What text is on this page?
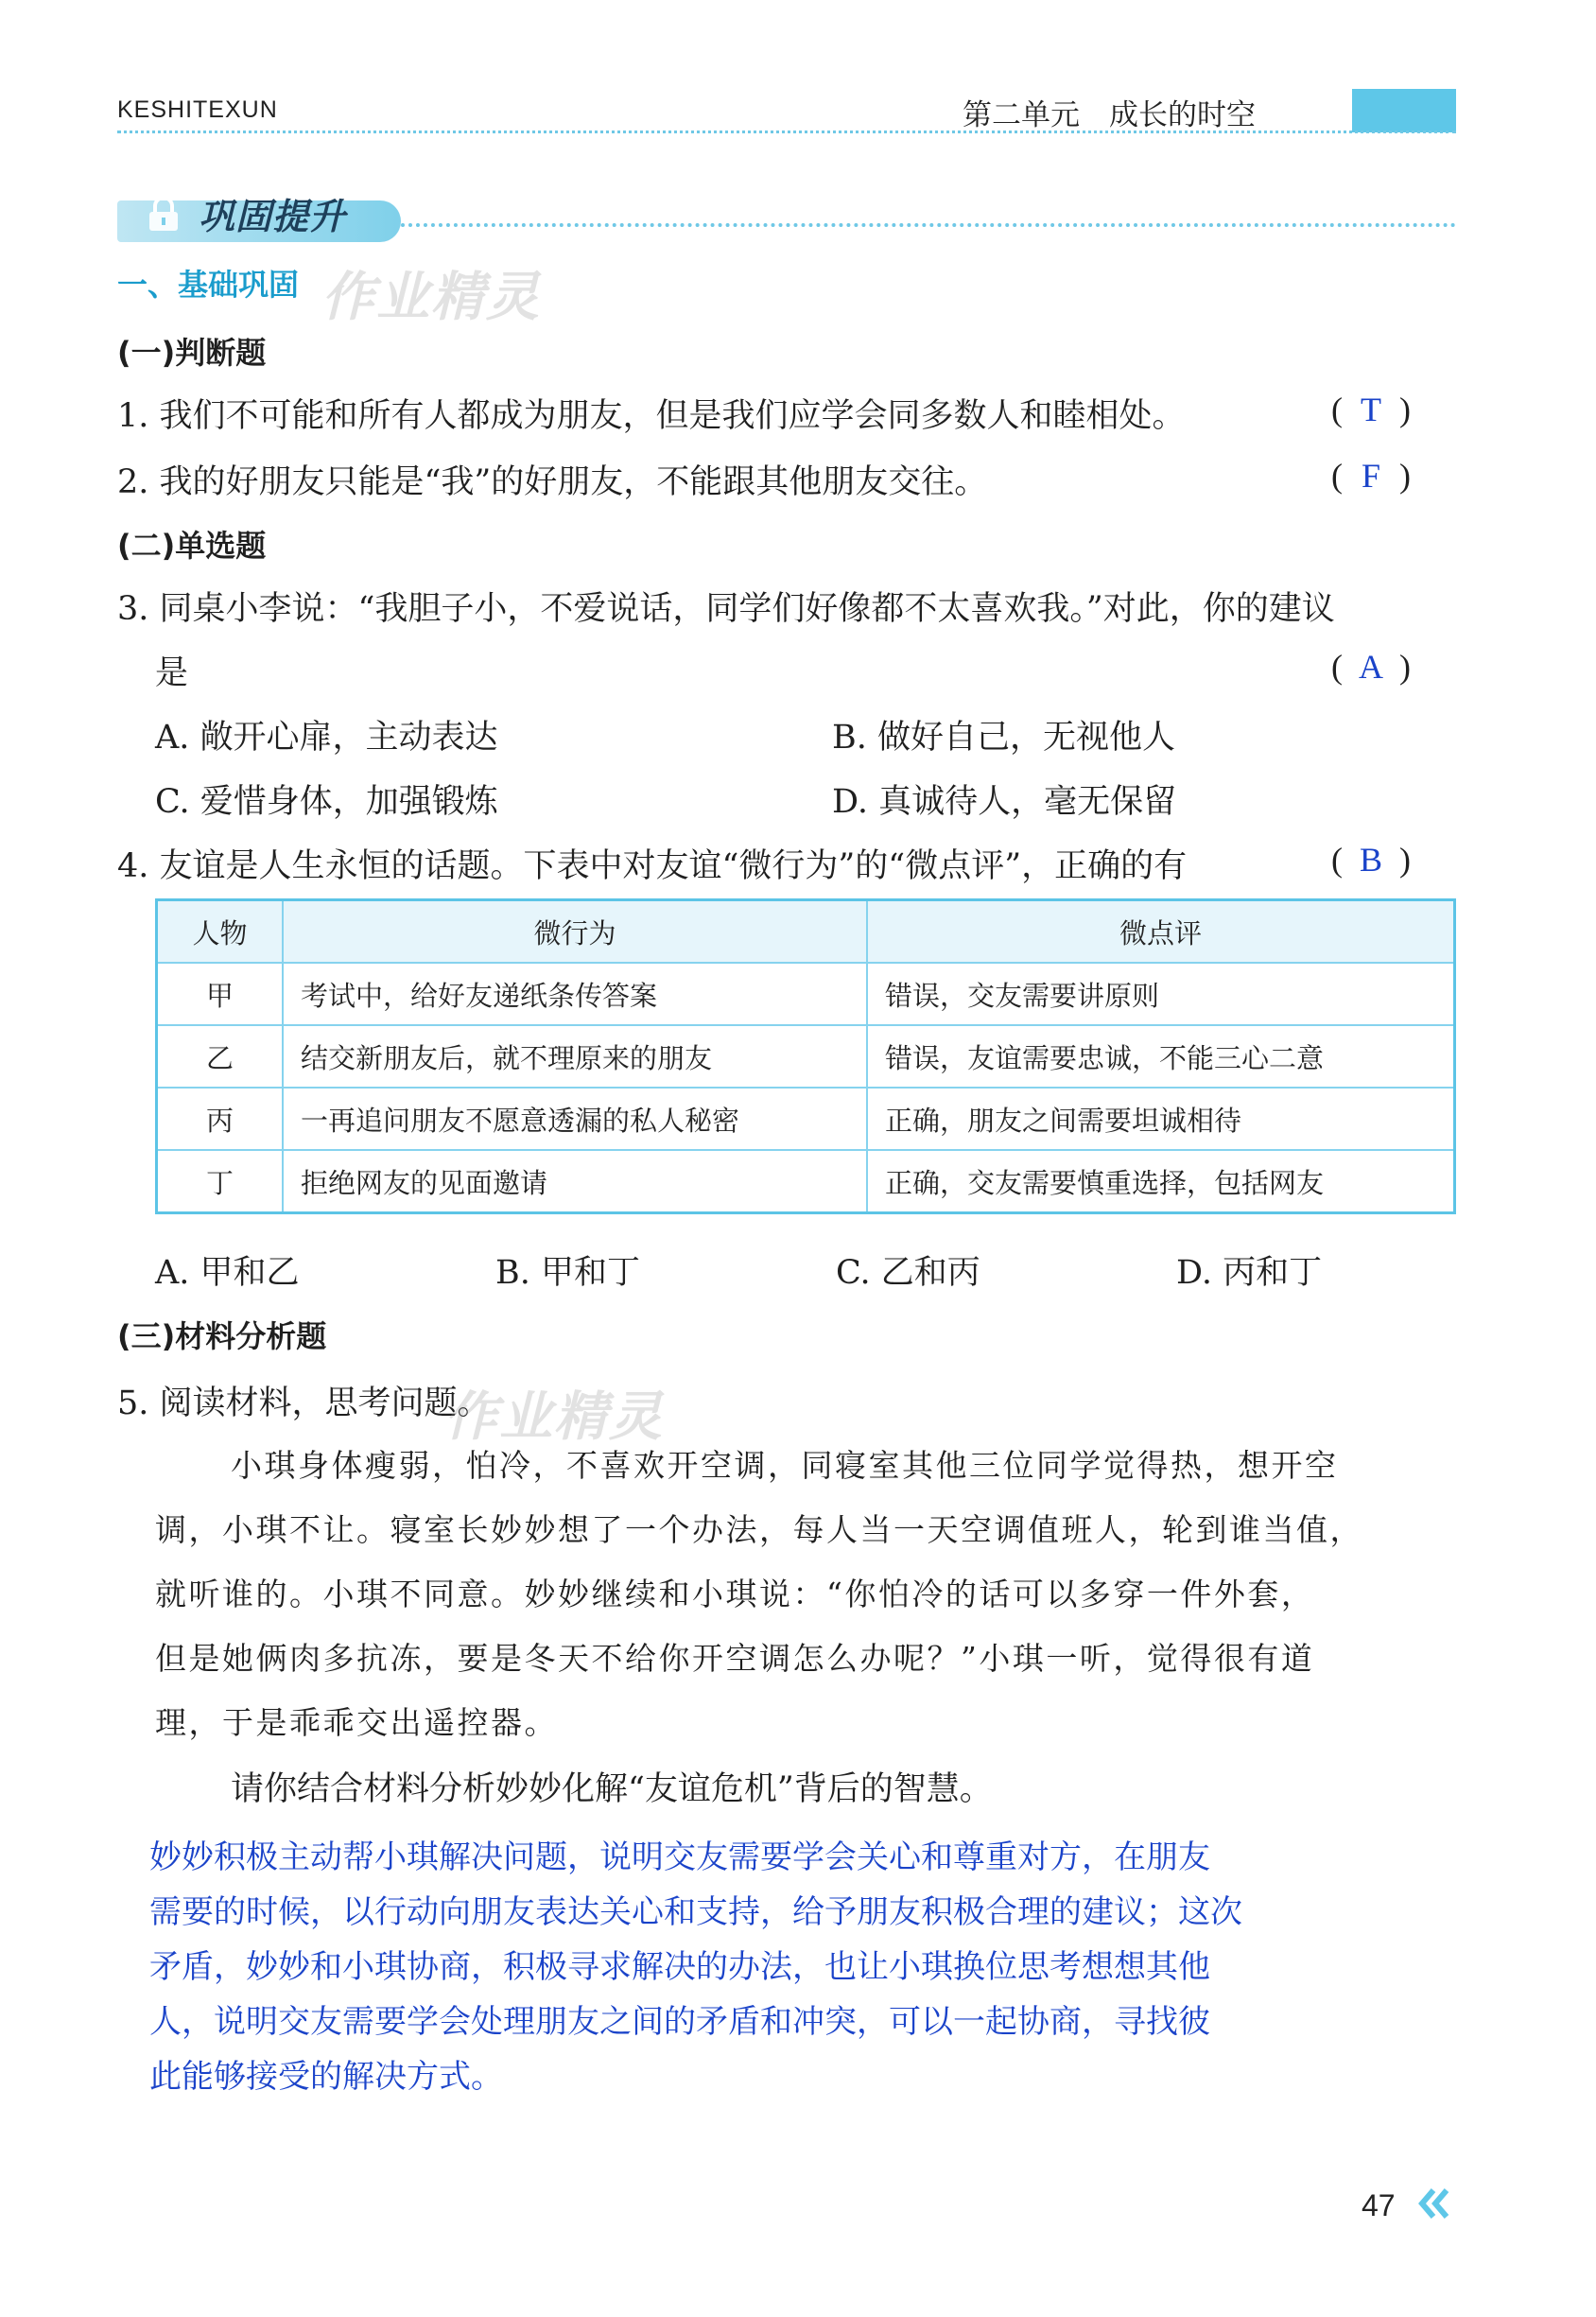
KESHITEXUN	第二单元　成长的时空
巩固提升
一、基础巩固 作业精灵
(一)判断题
1. 我们不可能和所有人都成为朋友，但是我们应学会同多数人和睦相处。	( T )
2. 我的好朋友只能是“我”的好朋友，不能跟其他朋友交往。	( F )
(二)单选题
3. 同桌小李说：“我胆子小，不爱说话，同学们好像都不太喜欢我。”对此，你的建议
是	( A )
A. 敞开心扉，主动表达	B. 做好自己，无视他人
C. 爱惜身体，加强锻炼	D. 真诚待人，毫无保留
4. 友谊是人生永恒的话题。下表中对友谊“微行为”的“微点评”，正确的有	( B )
人物	微行为	微点评
甲	考试中，给好友递纸条传答案	错误，交友需要讲原则
乙	结交新朋友后，就不理原来的朋友	错误，友谊需要忠诚，不能三心二意
丙	一再追问朋友不愿意透漏的私人秘密	正确，朋友之间需要坦诚相待
丁	拒绝网友的见面邀请	正确，交友需要慎重选择，包括网友
A. 甲和乙	B. 甲和丁	C. 乙和丙	D. 丙和丁
(三)材料分析题
5. 阅读材料，思考问题。
作业精灵
小琪身体瘦弱，怕冷，不喜欢开空调，同寝室其他三位同学觉得热，想开空
调，小琪不让。寝室长妙妙想了一个办法，每人当一天空调值班人，轮到谁当值，
就听谁的。小琪不同意。妙妙继续和小琪说：“你怕冷的话可以多穿一件外套，
但是她俩肉多抗冻，要是冬天不给你开空调怎么办呢？”小琪一听，觉得很有道
理，于是乖乖交出遥控器。
请你结合材料分析妙妙化解“友谊危机”背后的智慧。
妙妙积极主动帮小琪解决问题，说明交友需要学会关心和尊重对方，在朋友
需要的时候，以行动向朋友表达关心和支持，给予朋友积极合理的建议；这次
矛盾，妙妙和小琪协商，积极寻求解决的办法，也让小琪换位思考想想其他
人，说明交友需要学会处理朋友之间的矛盾和冲突，可以一起协商，寻找彼
此能够接受的解决方式。
47
